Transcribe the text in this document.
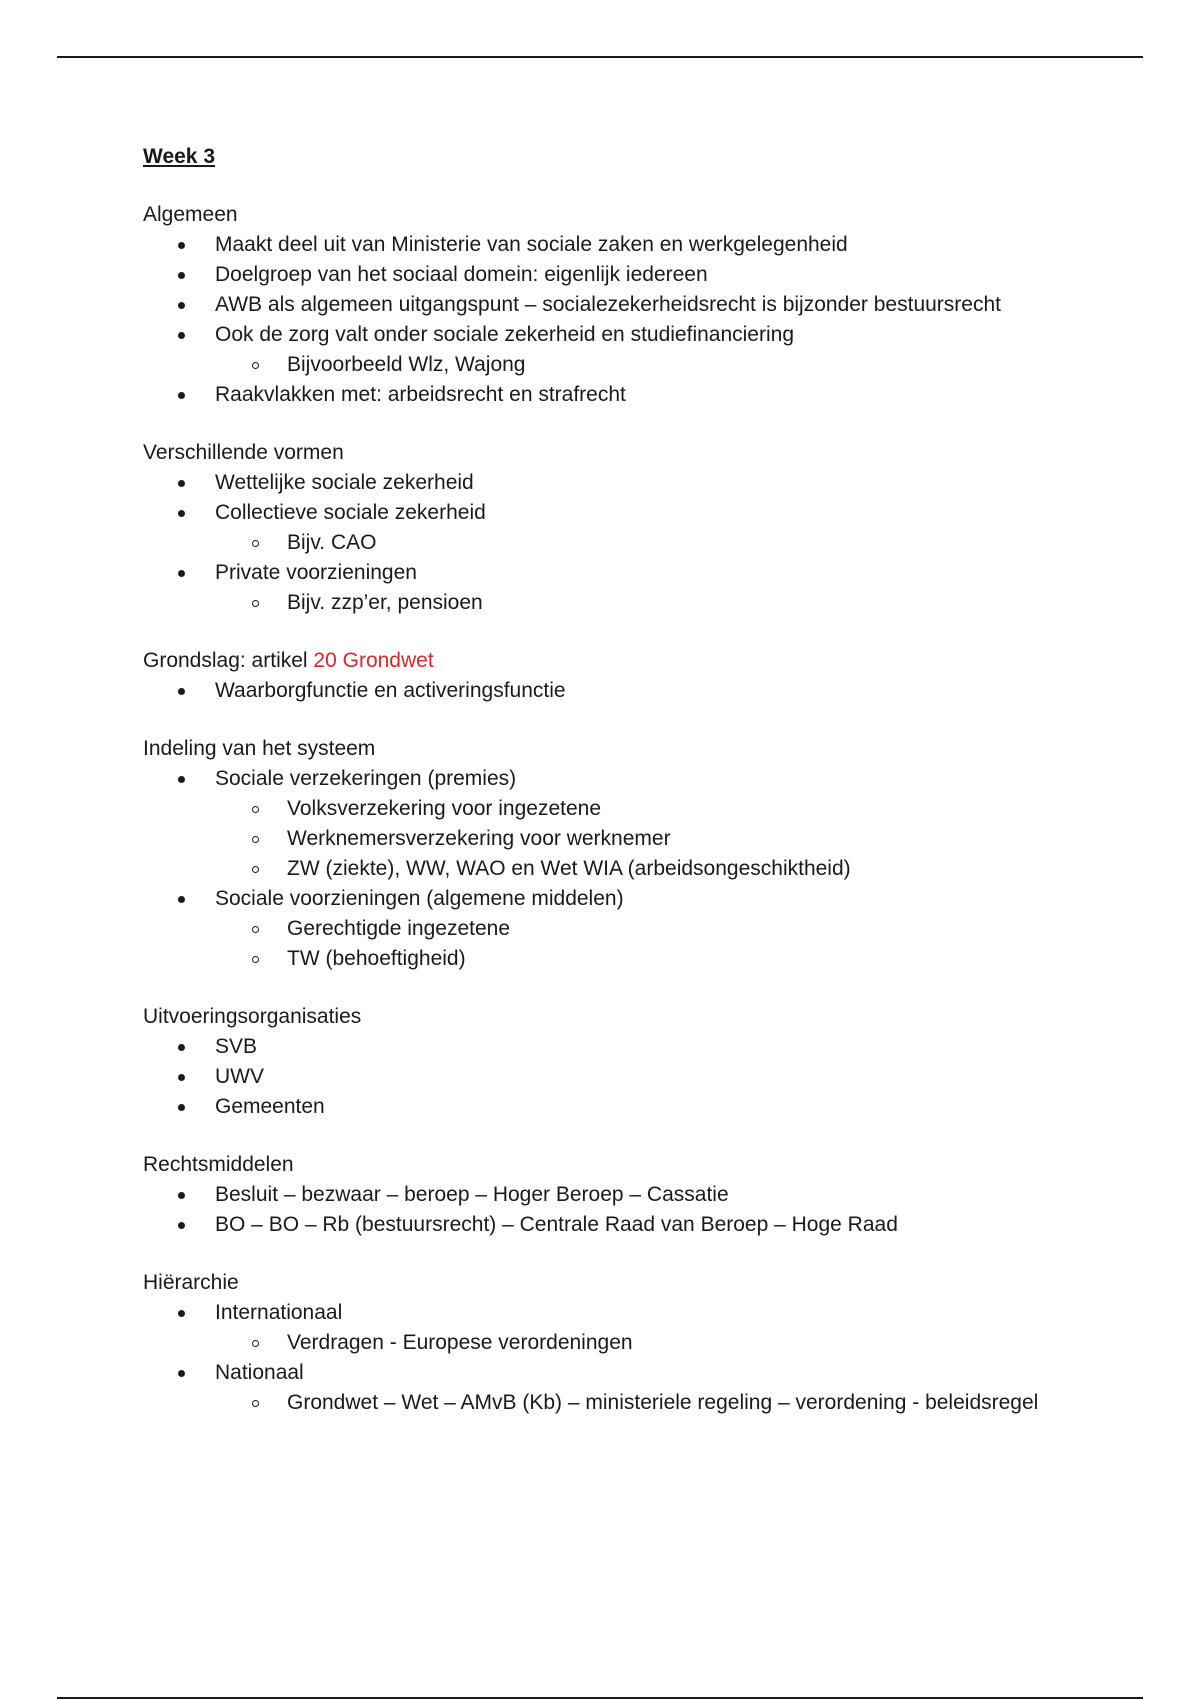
Week 3
Algemeen
Maakt deel uit van Ministerie van sociale zaken en werkgelegenheid
Doelgroep van het sociaal domein: eigenlijk iedereen
AWB als algemeen uitgangspunt – socialezekerheidsrecht is bijzonder bestuursrecht
Ook de zorg valt onder sociale zekerheid en studiefinanciering
Bijvoorbeeld Wlz, Wajong
Raakvlakken met: arbeidsrecht en strafrecht
Verschillende vormen
Wettelijke sociale zekerheid
Collectieve sociale zekerheid
Bijv. CAO
Private voorzieningen
Bijv. zzp’er, pensioen
Grondslag: artikel 20 Grondwet
Waarborgfunctie en activeringsfunctie
Indeling van het systeem
Sociale verzekeringen (premies)
Volksverzekering voor ingezetene
Werknemersverzekering voor werknemer
ZW (ziekte), WW, WAO en Wet WIA (arbeidsongeschiktheid)
Sociale voorzieningen (algemene middelen)
Gerechtigde ingezetene
TW (behoeftigheid)
Uitvoeringsorganisaties
SVB
UWV
Gemeenten
Rechtsmiddelen
Besluit – bezwaar – beroep – Hoger Beroep – Cassatie
BO – BO – Rb (bestuursrecht) – Centrale Raad van Beroep – Hoge Raad
Hiërarchie
Internationaal
Verdragen - Europese verordeningen
Nationaal
Grondwet – Wet – AMvB (Kb) – ministeriele regeling – verordening - beleidsregel
